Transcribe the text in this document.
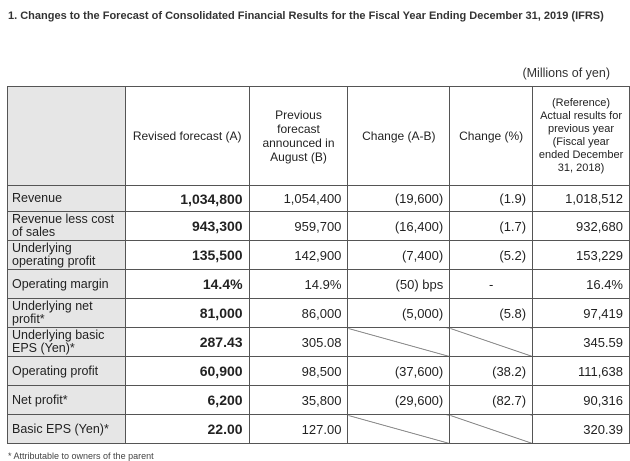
1. Changes to the Forecast of Consolidated Financial Results for the Fiscal Year Ending December 31, 2019 (IFRS)
(Millions of yen)
	Revised forecast (A)	Previous forecast announced in August (B)	Change (A-B)	Change (%)	(Reference) Actual results for previous year (Fiscal year ended December 31, 2018)
Revenue	1,034,800	1,054,400	(19,600)	(1.9)	1,018,512
Revenue less cost of sales	943,300	959,700	(16,400)	(1.7)	932,680
Underlying operating profit	135,500	142,900	(7,400)	(5.2)	153,229
Operating margin	14.4%	14.9%	(50) bps	-	16.4%
Underlying net profit*	81,000	86,000	(5,000)	(5.8)	97,419
Underlying basic EPS (Yen)*	287.43	305.08			345.59
Operating profit	60,900	98,500	(37,600)	(38.2)	111,638
Net profit*	6,200	35,800	(29,600)	(82.7)	90,316
Basic EPS (Yen)*	22.00	127.00			320.39
* Attributable to owners of the parent
